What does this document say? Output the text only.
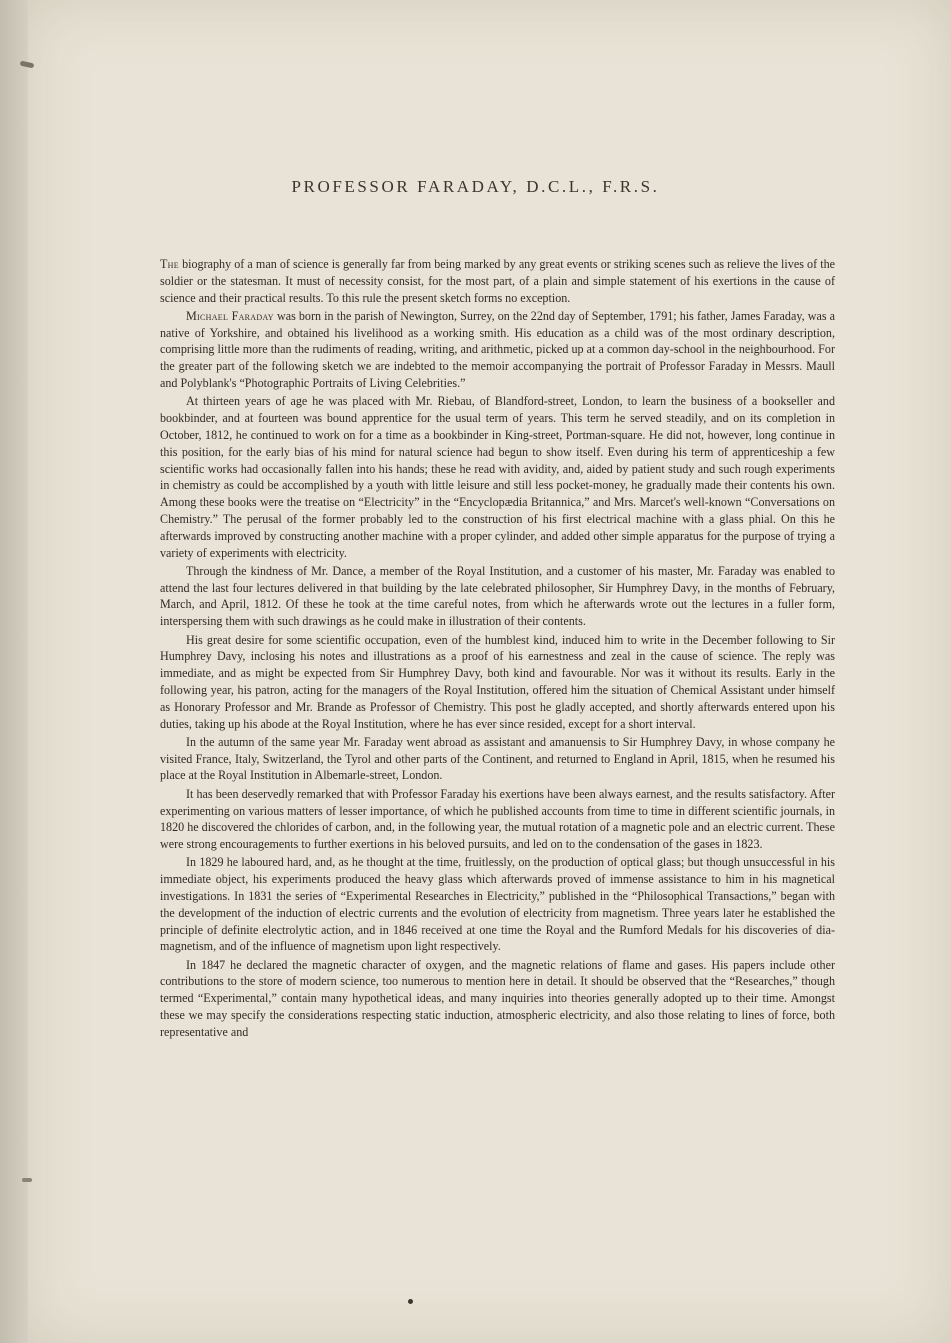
PROFESSOR FARADAY, D.C.L., F.R.S.

The biography of a man of science is generally far from being marked by any great events or striking scenes such as relieve the lives of the soldier or the statesman. It must of necessity consist, for the most part, of a plain and simple statement of his exertions in the cause of science and their practical results. To this rule the present sketch forms no exception.

Michael Faraday was born in the parish of Newington, Surrey, on the 22nd day of September, 1791; his father, James Faraday, was a native of Yorkshire, and obtained his livelihood as a working smith. His education as a child was of the most ordinary description, comprising little more than the rudiments of reading, writing, and arithmetic, picked up at a common day-school in the neighbourhood. For the greater part of the following sketch we are indebted to the memoir accompanying the portrait of Professor Faraday in Messrs. Maull and Polyblank's “Photographic Portraits of Living Celebrities.”

At thirteen years of age he was placed with Mr. Riebau, of Blandford-street, London, to learn the business of a bookseller and bookbinder, and at fourteen was bound apprentice for the usual term of years. This term he served steadily, and on its completion in October, 1812, he continued to work on for a time as a bookbinder in King-street, Portman-square. He did not, however, long continue in this position, for the early bias of his mind for natural science had begun to show itself. Even during his term of apprenticeship a few scientific works had occasionally fallen into his hands; these he read with avidity, and, aided by patient study and such rough experiments in chemistry as could be accomplished by a youth with little leisure and still less pocket-money, he gradually made their contents his own. Among these books were the treatise on “Electricity” in the “Encyclopædia Britannica,” and Mrs. Marcet's well-known “Conversations on Chemistry.” The perusal of the former probably led to the construction of his first electrical machine with a glass phial. On this he afterwards improved by constructing another machine with a proper cylinder, and added other simple apparatus for the purpose of trying a variety of experiments with electricity.

Through the kindness of Mr. Dance, a member of the Royal Institution, and a customer of his master, Mr. Faraday was enabled to attend the last four lectures delivered in that building by the late celebrated philosopher, Sir Humphrey Davy, in the months of February, March, and April, 1812. Of these he took at the time careful notes, from which he afterwards wrote out the lectures in a fuller form, interspersing them with such drawings as he could make in illustration of their contents.

His great desire for some scientific occupation, even of the humblest kind, induced him to write in the December following to Sir Humphrey Davy, inclosing his notes and illustrations as a proof of his earnestness and zeal in the cause of science. The reply was immediate, and as might be expected from Sir Humphrey Davy, both kind and favourable. Nor was it without its results. Early in the following year, his patron, acting for the managers of the Royal Institution, offered him the situation of Chemical Assistant under himself as Honorary Professor and Mr. Brande as Professor of Chemistry. This post he gladly accepted, and shortly afterwards entered upon his duties, taking up his abode at the Royal Institution, where he has ever since resided, except for a short interval.

In the autumn of the same year Mr. Faraday went abroad as assistant and amanuensis to Sir Humphrey Davy, in whose company he visited France, Italy, Switzerland, the Tyrol and other parts of the Continent, and returned to England in April, 1815, when he resumed his place at the Royal Institution in Albemarle-street, London.

It has been deservedly remarked that with Professor Faraday his exertions have been always earnest, and the results satisfactory. After experimenting on various matters of lesser importance, of which he published accounts from time to time in different scientific journals, in 1820 he discovered the chlorides of carbon, and, in the following year, the mutual rotation of a magnetic pole and an electric current. These were strong encouragements to further exertions in his beloved pursuits, and led on to the condensation of the gases in 1823.

In 1829 he laboured hard, and, as he thought at the time, fruitlessly, on the production of optical glass; but though unsuccessful in his immediate object, his experiments produced the heavy glass which afterwards proved of immense assistance to him in his magnetical investigations. In 1831 the series of “Experimental Researches in Electricity,” published in the “Philosophical Transactions,” began with the development of the induction of electric currents and the evolution of electricity from magnetism. Three years later he established the principle of definite electrolytic action, and in 1846 received at one time the Royal and the Rumford Medals for his discoveries of dia-magnetism, and of the influence of magnetism upon light respectively.

In 1847 he declared the magnetic character of oxygen, and the magnetic relations of flame and gases. His papers include other contributions to the store of modern science, too numerous to mention here in detail. It should be observed that the “Researches,” though termed “Experimental,” contain many hypothetical ideas, and many inquiries into theories generally adopted up to their time. Amongst these we may specify the considerations respecting static induction, atmospheric electricity, and also those relating to lines of force, both representative and
